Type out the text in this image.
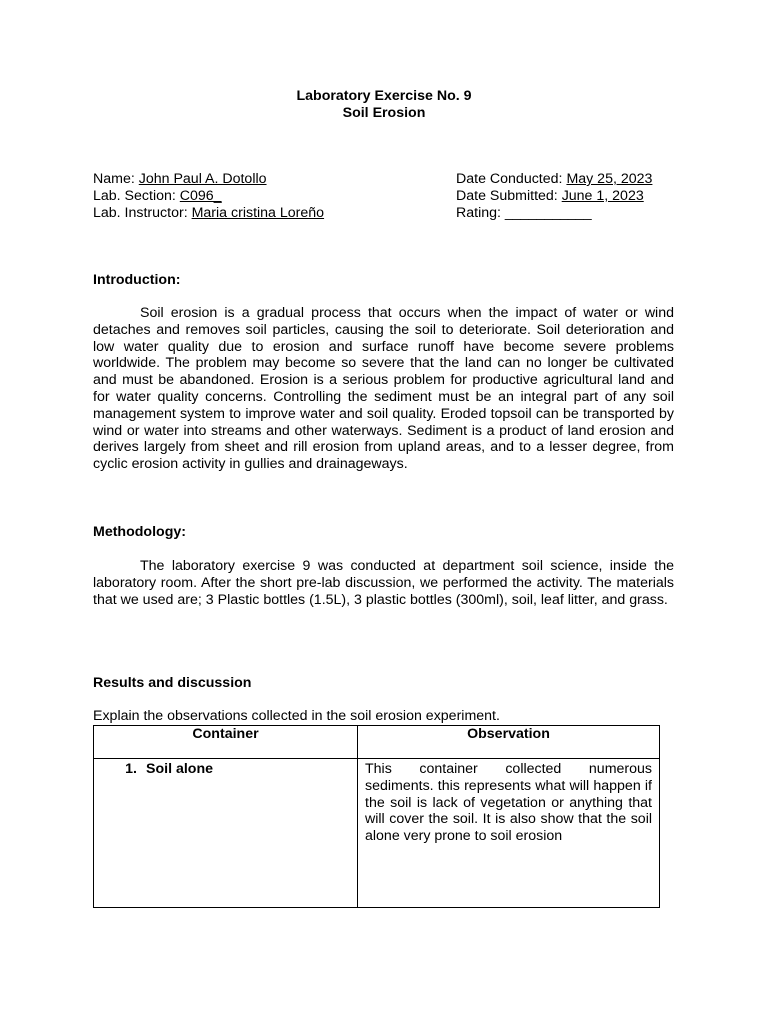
Laboratory Exercise No. 9
Soil Erosion
Name: John Paul A. Dotollo
Lab. Section: C096_
Lab. Instructor: Maria cristina Loreño
Date Conducted: May 25, 2023
Date Submitted: June 1, 2023
Rating: ___________
Introduction:

Soil erosion is a gradual process that occurs when the impact of water or wind detaches and removes soil particles, causing the soil to deteriorate. Soil deterioration and low water quality due to erosion and surface runoff have become severe problems worldwide. The problem may become so severe that the land can no longer be cultivated and must be abandoned. Erosion is a serious problem for productive agricultural land and for water quality concerns. Controlling the sediment must be an integral part of any soil management system to improve water and soil quality. Eroded topsoil can be transported by wind or water into streams and other waterways. Sediment is a product of land erosion and derives largely from sheet and rill erosion from upland areas, and to a lesser degree, from cyclic erosion activity in gullies and drainageways.

Methodology:

The laboratory exercise 9 was conducted at department soil science, inside the laboratory room. After the short pre-lab discussion, we performed the activity. The materials that we used are; 3 Plastic bottles (1.5L), 3 plastic bottles (300ml), soil, leaf litter, and grass.

Results and discussion
Explain the observations collected in the soil erosion experiment.
Container	Observation
1. Soil alone	This container collected numerous sediments. this represents what will happen if the soil is lack of vegetation or anything that will cover the soil. It is also show that the soil alone very prone to soil erosion
